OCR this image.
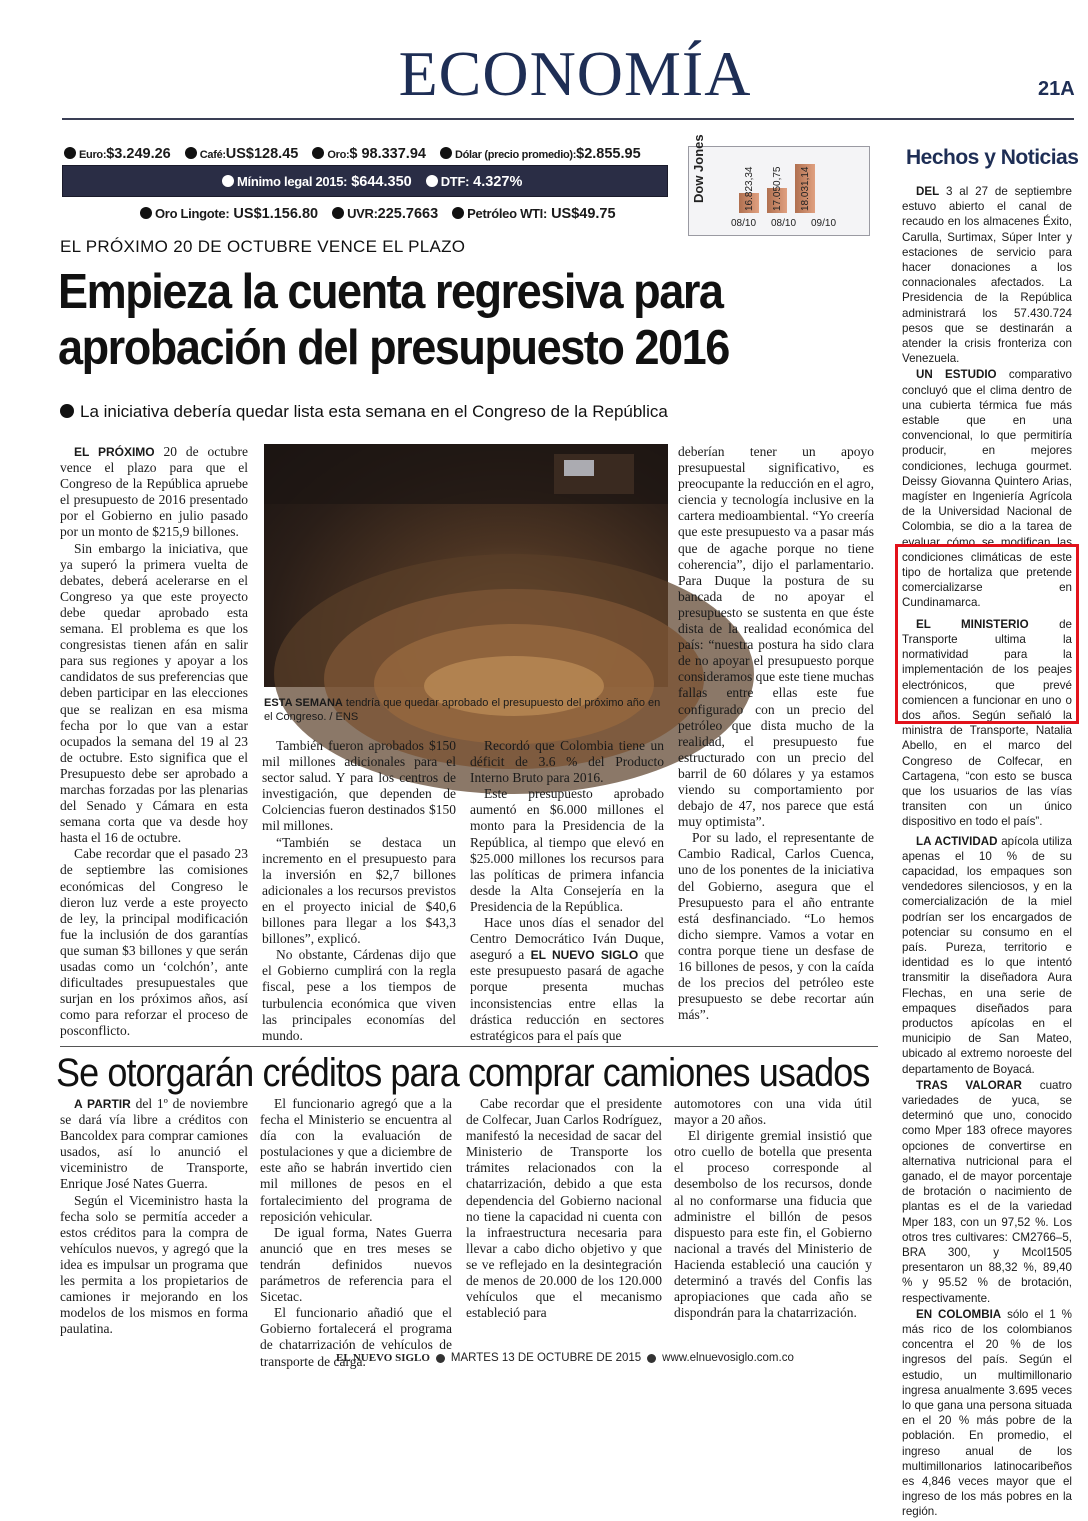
ECONOMÍA	21A
Euro:$3.249.26	Café:US$128.45	Oro:$ 98.337.94	Dólar (precio promedio):$2.855.95
Mínimo legal 2015: $644.350	DTF: 4.327%
Oro Lingote: US$1.156.80	UVR:225.7663	Petróleo WTI: US$49.75
Dow Jones	16.823,34
08/10
17.050,75
08/10
18.031,14
09/10
Hechos y Noticias

DEL 3 al 27 de septiembre estuvo abierto el canal de recaudo en los almacenes Éxito, Carulla, Surtimax, Súper Inter y estaciones de servicio para hacer donaciones a los connacionales afectados. La Presidencia de la República administrará los 57.430.724 pesos que se destinarán a atender la crisis fronteriza con Venezuela.

UN ESTUDIO comparativo concluyó que el clima dentro de una cubierta térmica fue más estable que en una convencional, lo que permitiría producir, en mejores condiciones, lechuga gourmet. Deissy Giovanna Quintero Arias, magíster en Ingeniería Agrícola de la Universidad Nacional de Colombia, se dio a la tarea de evaluar cómo se modifican las condiciones climáticas de este tipo de hortaliza que pretende comercializarse en Cundinamarca.

EL MINISTERIO de Transporte ultima la normatividad para la implementación de los peajes electrónicos, que prevé comiencen a funcionar en uno o dos años. Según señaló la ministra de Transporte, Natalia Abello, en el marco del Congreso de Colfecar, en Cartagena, “con esto se busca que los usuarios de las vías transiten con un único dispositivo en todo el país”.

LA ACTIVIDAD apícola utiliza apenas el 10 % de su capacidad, los empaques son vendedores silenciosos, y en la comercialización de la miel podrían ser los encargados de potenciar su consumo en el país. Pureza, territorio e identidad es lo que intentó transmitir la diseñadora Aura Flechas, en una serie de empaques diseñados para productos apícolas en el municipio de San Mateo, ubicado al extremo noroeste del departamento de Boyacá.

TRAS VALORAR cuatro variedades de yuca, se determinó que uno, conocido como Mper 183 ofrece mayores opciones de convertirse en alternativa nutricional para el ganado, el de mayor porcentaje de brotación o nacimiento de plantas es el de la variedad Mper 183, con un 97,52 %. Los otros tres cultivares: CM2766–5, BRA 300, y Mcol1505 presentaron un 88,32 %, 89,40 % y 95.52 % de brotación, respectivamente.

EN COLOMBIA sólo el 1 % más rico de los colombianos concentra el 20 % de los ingresos del país. Según el estudio, un multimillonario ingresa anualmente 3.695 veces lo que gana una persona situada en el 20 % más pobre de la población. En promedio, el ingreso anual de los multimillonarios latinocaribeños es 4,846 veces mayor que el ingreso de los más pobres en la región.

EL PRÓXIMO 20 DE OCTUBRE VENCE EL PLAZO
Empieza la cuenta regresiva para aprobación del presupuesto 2016
La iniciativa debería quedar lista esta semana en el Congreso de la República

EL PRÓXIMO 20 de octubre vence el plazo para que el Congreso de la República apruebe el presupuesto de 2016 presentado por el Gobierno en julio pasado por un monto de $215,9 billones.

Sin embargo la iniciativa, que ya superó la primera vuelta de debates, deberá acelerarse en el Congreso ya que este proyecto debe quedar aprobado esta semana. El problema es que los congresistas tienen afán en salir para sus regiones y apoyar a los candidatos de sus preferencias que deben participar en las elecciones que se realizan en esa misma fecha por lo que van a estar ocupados la semana del 19 al 23 de octubre. Esto significa que el Presupuesto debe ser aprobado a marchas forzadas por las plenarias del Senado y Cámara en esta semana corta que va desde hoy hasta el 16 de octubre.

Cabe recordar que el pasado 23 de septiembre las comisiones económicas del Congreso le dieron luz verde a este proyecto de ley, la principal modificación fue la inclusión de dos garantías que suman $3 billones y que serán usadas como un ‘colchón’, ante dificultades presupuestales que surjan en los próximos años, así como para reforzar el proceso de posconflicto.

ESTA SEMANA tendría que quedar aprobado el presupuesto del próximo año en el Congreso. / ENS

También fueron aprobados $150 mil millones adicionales para el sector salud. Y para los centros de investigación, que dependen de Colciencias fueron destinados $150 mil millones.

“También se destaca un incremento en el presupuesto para la inversión en $2,7 billones adicionales a los recursos previstos en el proyecto inicial de $40,6 billones para llegar a los $43,3 billones”, explicó.

No obstante, Cárdenas dijo que el Gobierno cumplirá con la regla fiscal, pese a los tiempos de turbulencia económica que viven las principales economías del mundo.

Recordó que Colombia tiene un déficit de 3.6 % del Producto Interno Bruto para 2016.

Este presupuesto aprobado aumentó en $6.000 millones el monto para la Presidencia de la República, al tiempo que elevó en $25.000 millones los recursos para las políticas de primera infancia desde la Alta Consejería en la Presidencia de la República.

Hace unos días el senador del Centro Democrático Iván Duque, aseguró a EL NUEVO SIGLO que este presupuesto pasará de agache porque presenta muchas inconsistencias entre ellas la drástica reducción en sectores estratégicos para el país que

deberían tener un apoyo presupuestal significativo, es preocupante la reducción en el agro, ciencia y tecnología inclusive en la cartera medioambiental. “Yo creería que este presupuesto va a pasar más que de agache porque no tiene coherencia”, dijo el parlamentario. Para Duque la postura de su bancada de no apoyar el presupuesto se sustenta en que éste dista de la realidad económica del país: “nuestra postura ha sido clara de no apoyar el presupuesto porque consideramos que este tiene muchas fallas entre ellas este fue configurado con un precio del petróleo que dista mucho de la realidad, el presupuesto fue estructurado con un precio del barril de 60 dólares y ya estamos viendo su comportamiento por debajo de 47, nos parece que está muy optimista”.

Por su lado, el representante de Cambio Radical, Carlos Cuenca, uno de los ponentes de la iniciativa del Gobierno, asegura que el Presupuesto para el año entrante está desfinanciado. “Lo hemos dicho siempre. Vamos a votar en contra porque tiene un desfase de 16 billones de pesos, y con la caída de los precios del petróleo este presupuesto se debe recortar aún más”.

Se otorgarán créditos para comprar camiones usados

A PARTIR del 1º de noviembre se dará vía libre a créditos con Bancoldex para comprar camiones usados, así lo anunció el viceministro de Transporte, Enrique José Nates Guerra.

Según el Viceministro hasta la fecha solo se permitía acceder a estos créditos para la compra de vehículos nuevos, y agregó que la idea es impulsar un programa que les permita a los propietarios de camiones ir mejorando en los modelos de los mismos en forma paulatina.

El funcionario agregó que a la fecha el Ministerio se encuentra al día con la evaluación de postulaciones y que a diciembre de este año se habrán invertido cien mil millones de pesos en el fortalecimiento del programa de reposición vehicular.

De igual forma, Nates Guerra anunció que en tres meses se tendrán definidos nuevos parámetros de referencia para el Sicetac.

El funcionario añadió que el Gobierno fortalecerá el programa de chatarrización de vehículos de transporte de carga.

Cabe recordar que el presidente de Colfecar, Juan Carlos Rodríguez, manifestó la necesidad de sacar del Ministerio de Transporte los trámites relacionados con la chatarrización, debido a que esta dependencia del Gobierno nacional no tiene la capacidad ni cuenta con la infraestructura necesaria para llevar a cabo dicho objetivo y que se ve reflejado en la desintegración de menos de 20.000 de los 120.000 vehículos que el mecanismo estableció para

automotores con una vida útil mayor a 20 años.

El dirigente gremial insistió que otro cuello de botella que presenta el proceso corresponde al desembolso de los recursos, donde al no conformarse una fiducia que administre el billón de pesos dispuesto para este fin, el Gobierno nacional a través del Ministerio de Hacienda estableció una caución y determinó a través del Confis las apropiaciones que cada año se dispondrán para la chatarrización.

EL NUEVO SIGLO MARTES 13 DE OCTUBRE DE 2015 www.elnuevosiglo.com.co
